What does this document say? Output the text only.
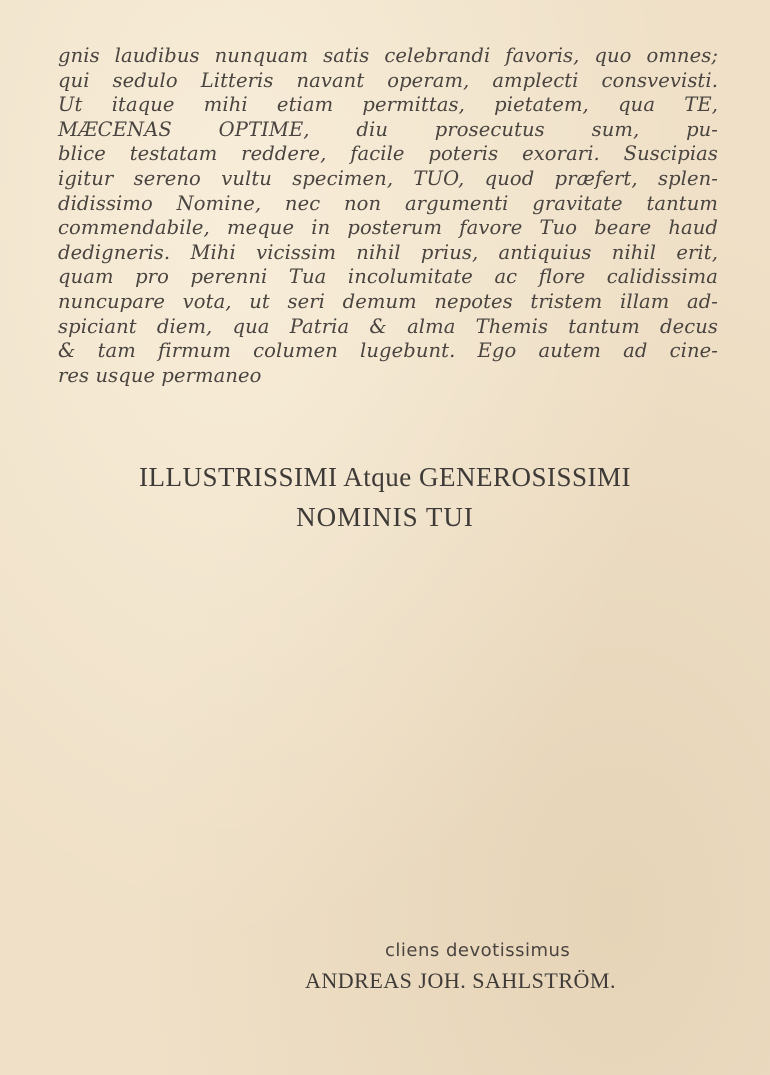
gnis laudibus nunquam satis celebrandi favoris, quo omnes;
qui sedulo Litteris navant operam, amplecti consvevisti.
Ut itaque mihi etiam permittas, pietatem, qua TE,
MÆCENAS OPTIME, diu prosecutus sum, pu-
blice testatam reddere, facile poteris exorari. Suscipias
igitur sereno vultu specimen, TUO, quod præfert, splen-
didissimo Nomine, nec non argumenti gravitate tantum
commendabile, meque in posterum favore Tuo beare haud
dedigneris. Mihi vicissim nihil prius, antiquius nihil erit,
quam pro perenni Tua incolumitate ac flore calidissima
nuncupare vota, ut seri demum nepotes tristem illam ad-
spiciant diem, qua Patria & alma Themis tantum decus
& tam firmum columen lugebunt. Ego autem ad cine-
res usque permaneo
ILLUSTRISSIMI Atque GENEROSISSIMI
NOMINIS TUI
cliens devotissimus
ANDREAS JOH. SAHLSTRÖM.
